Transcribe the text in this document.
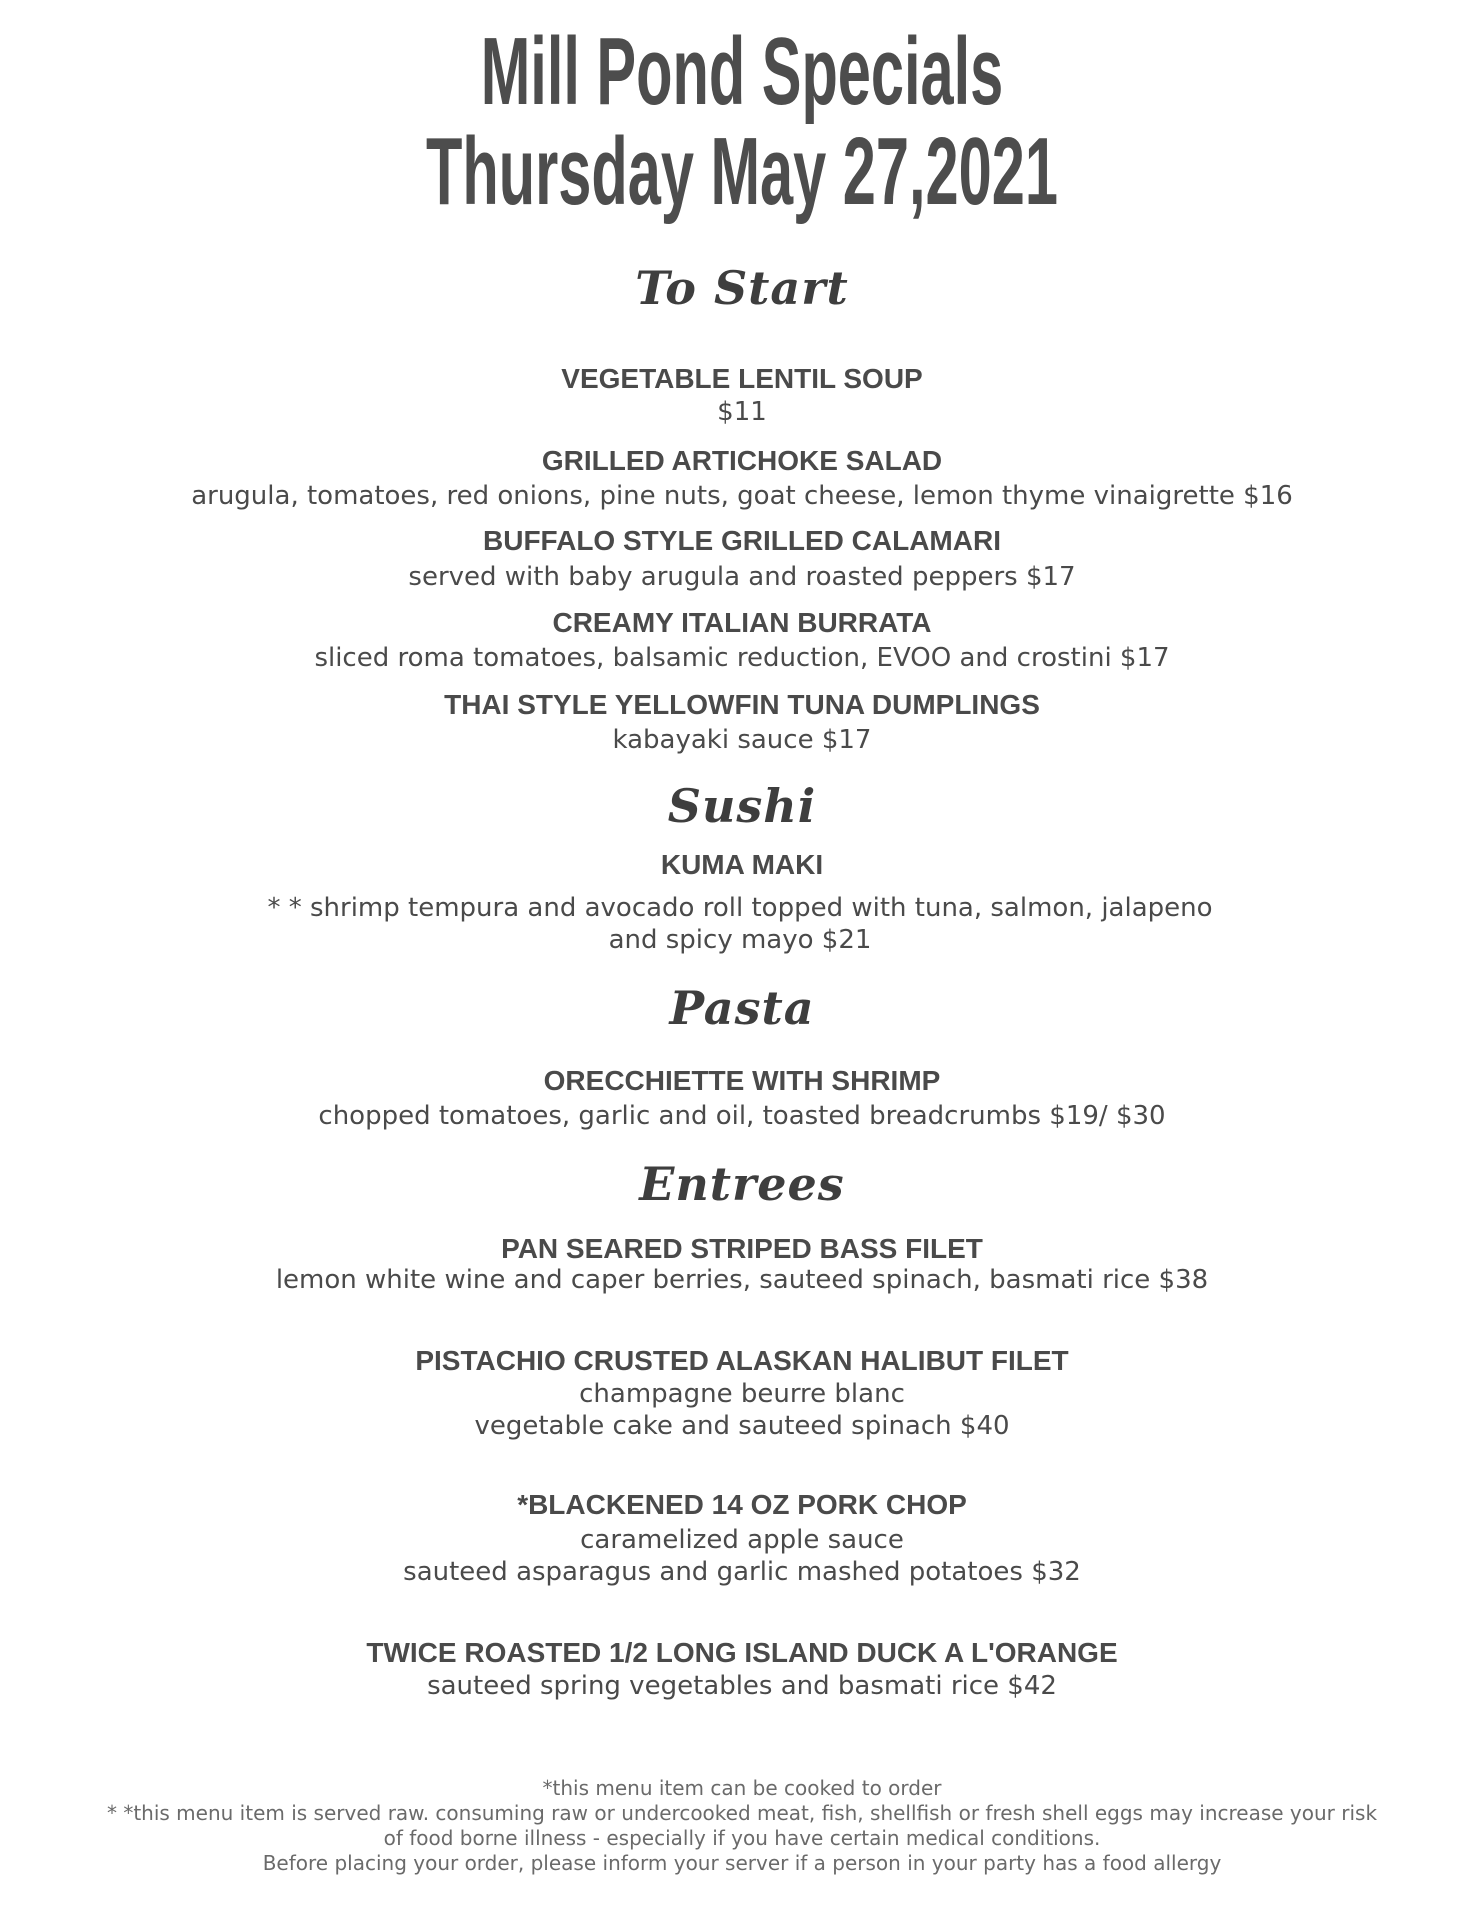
Mill Pond Specials
Thursday May 27,2021
To Start
VEGETABLE LENTIL SOUP
$11
GRILLED ARTICHOKE SALAD
arugula, tomatoes, red onions, pine nuts, goat cheese, lemon thyme vinaigrette $16
BUFFALO STYLE GRILLED CALAMARI
served with baby arugula and roasted peppers $17
CREAMY ITALIAN BURRATA
sliced roma tomatoes, balsamic reduction, EVOO and crostini $17
THAI STYLE YELLOWFIN TUNA DUMPLINGS
kabayaki sauce $17
Sushi
KUMA MAKI
* * shrimp tempura and avocado roll topped with tuna, salmon, jalapeno and spicy mayo $21
Pasta
ORECCHIETTE WITH SHRIMP
chopped tomatoes, garlic and oil, toasted breadcrumbs $19/ $30
Entrees
PAN SEARED STRIPED BASS FILET
lemon white wine and caper berries, sauteed spinach, basmati rice $38
PISTACHIO CRUSTED ALASKAN HALIBUT FILET
champagne beurre blanc
vegetable cake and sauteed spinach $40
*BLACKENED 14 OZ PORK CHOP
caramelized apple sauce
sauteed asparagus and garlic mashed potatoes $32
TWICE ROASTED 1/2 LONG ISLAND DUCK A L'ORANGE
sauteed spring vegetables and basmati rice $42
*this menu item can be cooked to order
* *this menu item is served raw. consuming raw or undercooked meat, fish, shellfish or fresh shell eggs may increase your risk
of food borne illness - especially if you have certain medical conditions.
Before placing your order, please inform your server if a person in your party has a food allergy
